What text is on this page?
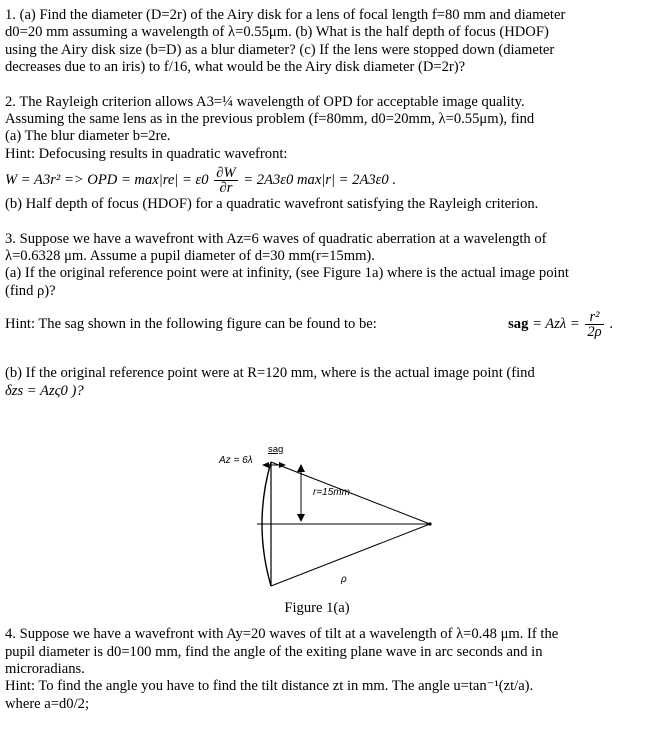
1. (a) Find the diameter (D=2r) of the Airy disk for a lens of focal length f=80 mm and diameter

d0=20 mm assuming a wavelength of λ=0.55μm. (b) What is the half depth of focus (HDOF)

using the Airy disk size (b=D) as a blur diameter? (c) If the lens were stopped down (diameter

decreases due to an iris) to f/16, what would be the Airy disk diameter (D=2r)?

2. The Rayleigh criterion allows A3=¼ wavelength of OPD for acceptable image quality.

Assuming the same lens as in the previous problem (f=80mm, d0=20mm, λ=0.55μm), find

(a) The blur diameter b=2re.

Hint: Defocusing results in quadratic wavefront:

W = A3r² => OPD = $\max|re| = \varepsilon 0 \frac{\partial W}{\partial r} = 2A3\varepsilon 0$ max|r| = 2A3ε0 .

(b) Half depth of focus (HDOF) for a quadratic wavefront satisfying the Rayleigh criterion.

3. Suppose we have a wavefront with Az=6 waves of quadratic aberration at a wavelength of

λ=0.6328 μm. Assume a pupil diameter of d=30 mm(r=15mm).

(a) If the original reference point were at infinity, (see Figure 1a) where is the actual image point

(find ρ)?

Hint: The sag shown in the following figure can be found to be:	sag = $Az\lambda = \frac{\text{r²}}{2\rho}$ .

(b) If the original reference point were at R=120 mm, where is the actual image point (find

δzs = Azς0 )?

Az = 6λ
sag
r=15mm
ρ

Figure 1(a)

4. Suppose we have a wavefront with Ay=20 waves of tilt at a wavelength of λ=0.48 μm. If the

pupil diameter is d0=100 mm, find the angle of the exiting plane wave in arc seconds and in

microradians.

Hint: To find the angle you have to find the tilt distance zt in mm. The angle u=tan⁻¹(zt/a).

where a=d0/2;
